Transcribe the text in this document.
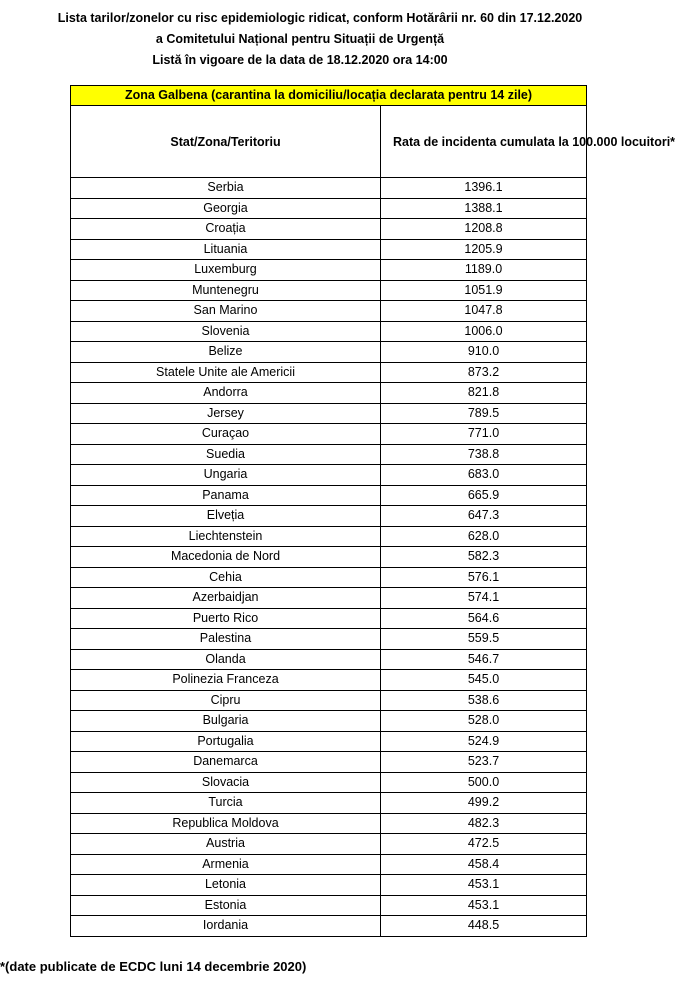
Lista tarilor/zonelor cu risc epidemiologic ridicat, conform Hotărârii nr. 60 din 17.12.2020
a Comitetului Național pentru Situații de Urgență
Listă în vigoare de la data de 18.12.2020 ora 14:00
Zona Galbena (carantina la domiciliu/locația declarata pentru 14 zile)	
Stat/Zona/Teritoriu	Rata de incidenta cumulata la 100.000 locuitori*
Serbia	1396.1
Georgia	1388.1
Croația	1208.8
Lituania	1205.9
Luxemburg	1189.0
Muntenegru	1051.9
San Marino	1047.8
Slovenia	1006.0
Belize	910.0
Statele Unite ale Americii	873.2
Andorra	821.8
Jersey	789.5
Curaçao	771.0
Suedia	738.8
Ungaria	683.0
Panama	665.9
Elveția	647.3
Liechtenstein	628.0
Macedonia de Nord	582.3
Cehia	576.1
Azerbaidjan	574.1
Puerto Rico	564.6
Palestina	559.5
Olanda	546.7
Polinezia Franceza	545.0
Cipru	538.6
Bulgaria	528.0
Portugalia	524.9
Danemarca	523.7
Slovacia	500.0
Turcia	499.2
Republica Moldova	482.3
Austria	472.5
Armenia	458.4
Letonia	453.1
Estonia	453.1
Iordania	448.5
*(date publicate de ECDC luni 14 decembrie 2020)
